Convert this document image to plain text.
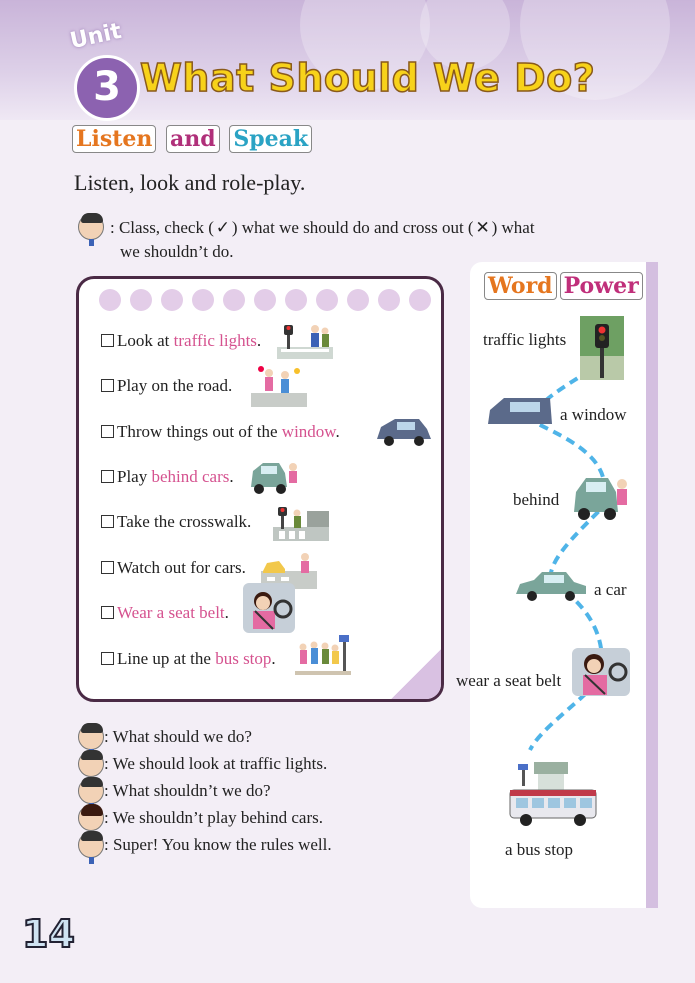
Unit
3 What Should We Do?
Listen and Speak
Listen, look and role-play.
: Class, check ( ✓ ) what we should do and cross out ( ✕ ) what
we shouldn’t do.
Look at traffic lights.
Play on the road.
Throw things out of the window.
Play behind cars.
Take the crosswalk.
Watch out for cars.
Wear a seat belt.
Line up at the bus stop.
Word Power
traffic lights
a window
behind
a car
wear a seat belt
a bus stop
: What should we do?
: We should look at traffic lights.
: What shouldn’t we do?
: We shouldn’t play behind cars.
: Super! You know the rules well.
14
